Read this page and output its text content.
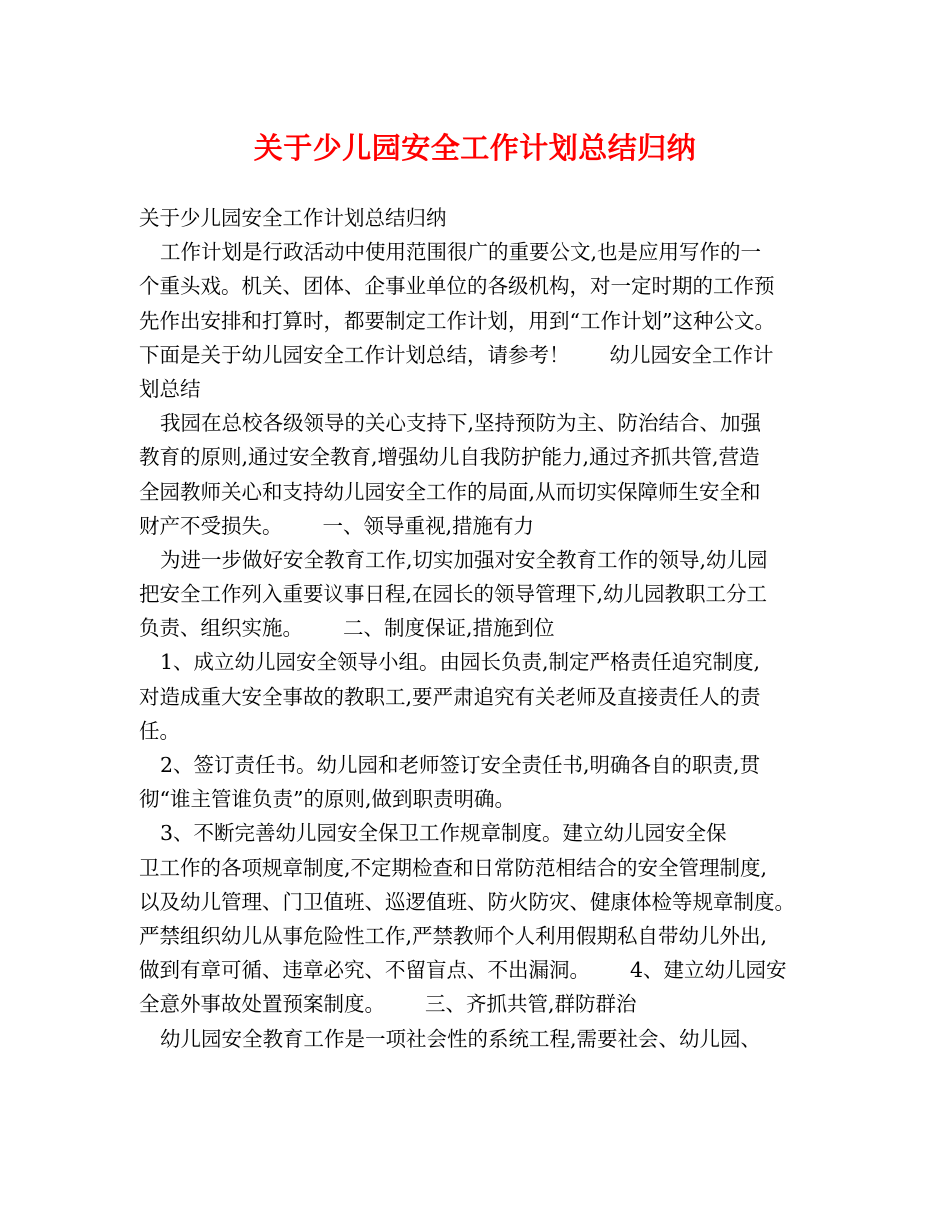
关于少儿园安全工作计划总结归纳
关于少儿园安全工作计划总结归纳
工作计划是行政活动中使用范围很广的重要公文,也是应用写作的一
个重头戏。机关、团体、企事业单位的各级机构，对一定时期的工作预
先作出安排和打算时，都要制定工作计划，用到“工作计划”这种公文。
下面是关于幼儿园安全工作计划总结，请参考！ 幼儿园安全工作计
划总结
我园在总校各级领导的关心支持下,坚持预防为主、防治结合、加强
教育的原则,通过安全教育,增强幼儿自我防护能力,通过齐抓共管,营造
全园教师关心和支持幼儿园安全工作的局面,从而切实保障师生安全和
财产不受损失。 一、领导重视,措施有力
为进一步做好安全教育工作,切实加强对安全教育工作的领导,幼儿园
把安全工作列入重要议事日程,在园长的领导管理下,幼儿园教职工分工
负责、组织实施。 二、制度保证,措施到位
1、成立幼儿园安全领导小组。由园长负责,制定严格责任追究制度,
对造成重大安全事故的教职工,要严肃追究有关老师及直接责任人的责
任。
2、签订责任书。幼儿园和老师签订安全责任书,明确各自的职责,贯
彻“谁主管谁负责”的原则,做到职责明确。
3、不断完善幼儿园安全保卫工作规章制度。建立幼儿园安全保
卫工作的各项规章制度,不定期检查和日常防范相结合的安全管理制度,
以及幼儿管理、门卫值班、巡逻值班、防火防灾、健康体检等规章制度。
严禁组织幼儿从事危险性工作,严禁教师个人利用假期私自带幼儿外出,
做到有章可循、违章必究、不留盲点、不出漏洞。 4、建立幼儿园安
全意外事故处置预案制度。 三、齐抓共管,群防群治
幼儿园安全教育工作是一项社会性的系统工程,需要社会、幼儿园、
